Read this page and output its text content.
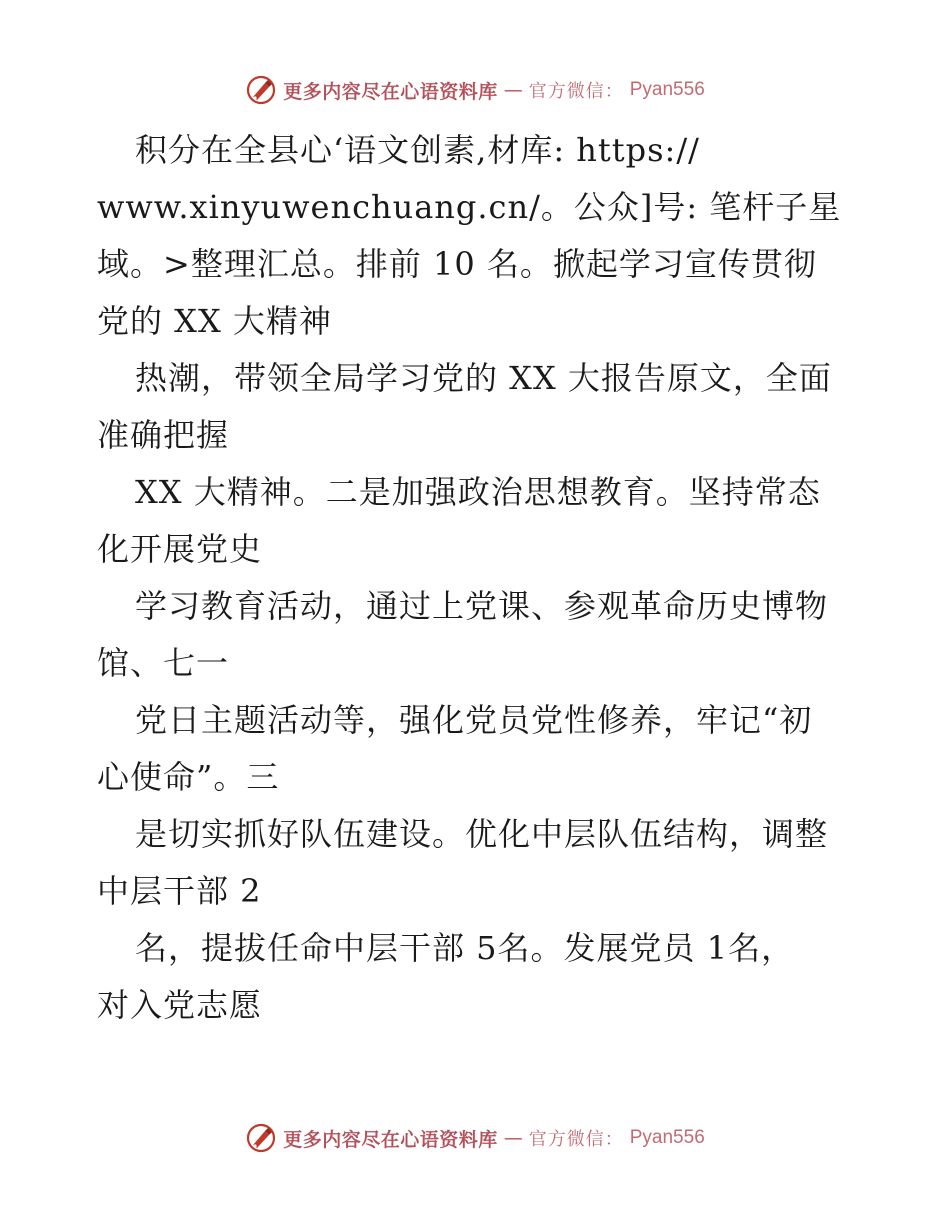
更多内容尽在心语资料库 — 官方微信： Pyan556
积分在全县心‘语文创素,材库: https://
www.xinyuwenchuang.cn/。公众]号: 笔杆子星
域。>整理汇总。排前 10 名。掀起学习宣传贯彻
党的 XX 大精神
热潮，带领全局学习党的 XX 大报告原文，全面
准确把握
XX 大精神。二是加强政治思想教育。坚持常态
化开展党史
学习教育活动，通过上党课、参观革命历史博物
馆、七一
党日主题活动等，强化党员党性修养，牢记“初
心使命”。三
是切实抓好队伍建设。优化中层队伍结构，调整
中层干部 2
名，提拔任命中层干部 5名。发展党员 1名，
对入党志愿
更多内容尽在心语资料库 — 官方微信： Pyan556
